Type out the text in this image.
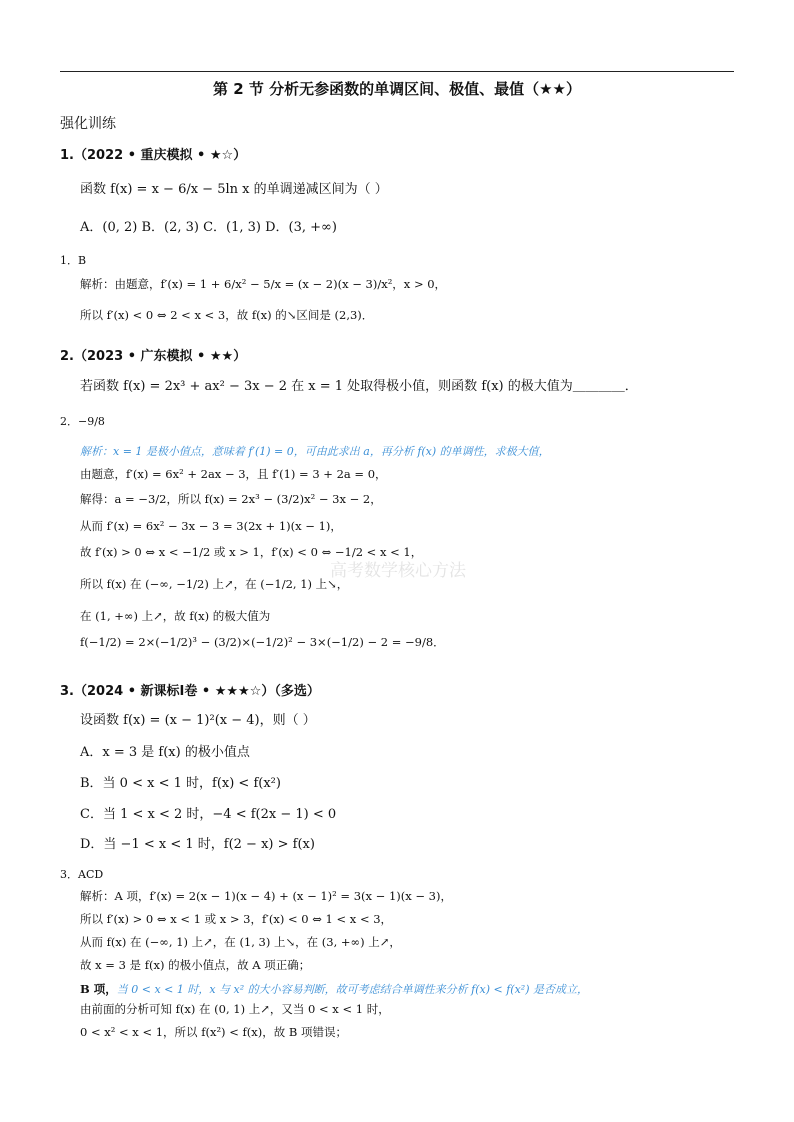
第 2 节 分析无参函数的单调区间、极值、最值（★★）
强化训练
1.（2022 • 重庆模拟 • ★☆）
函数 f(x) = x − 6/x − 5ln x 的单调递减区间为（ ）
A．(0, 2) B．(2, 3) C．(1, 3) D．(3, +∞)
1．B
解析：由题意，f′(x) = 1 + 6/x² − 5/x = (x − 2)(x − 3)/x²，x > 0，
所以 f′(x) < 0 ⇔ 2 < x < 3，故 f(x) 的↘区间是 (2,3)．
2.（2023 • 广东模拟 • ★★）
若函数 f(x) = 2x³ + ax² − 3x − 2 在 x = 1 处取得极小值，则函数 f(x) 的极大值为＿＿＿＿．
2．−9/8
解析：x = 1 是极小值点，意味着 f′(1) = 0，可由此求出 a，再分析 f(x) 的单调性，求极大值，
由题意，f′(x) = 6x² + 2ax − 3，且 f′(1) = 3 + 2a = 0，
解得：a = −3/2，所以 f(x) = 2x³ − (3/2)x² − 3x − 2，
从而 f′(x) = 6x² − 3x − 3 = 3(2x + 1)(x − 1)，
故 f′(x) > 0 ⇔ x < −1/2 或 x > 1，f′(x) < 0 ⇔ −1/2 < x < 1，
所以 f(x) 在 (−∞, −1/2) 上↗，在 (−1/2, 1) 上↘，
高考数学核心方法
在 (1, +∞) 上↗，故 f(x) 的极大值为
f(−1/2) = 2×(−1/2)³ − (3/2)×(−1/2)² − 3×(−1/2) − 2 = −9/8．
3.（2024 • 新课标Ⅰ卷 • ★★★☆）（多选）
设函数 f(x) = (x − 1)²(x − 4)，则（ ）
A．x = 3 是 f(x) 的极小值点
B．当 0 < x < 1 时，f(x) < f(x²)
C．当 1 < x < 2 时，−4 < f(2x − 1) < 0
D．当 −1 < x < 1 时，f(2 − x) > f(x)
3．ACD
解析：A 项，f′(x) = 2(x − 1)(x − 4) + (x − 1)² = 3(x − 1)(x − 3)，
所以 f′(x) > 0 ⇔ x < 1 或 x > 3，f′(x) < 0 ⇔ 1 < x < 3，
从而 f(x) 在 (−∞, 1) 上↗，在 (1, 3) 上↘，在 (3, +∞) 上↗，
故 x = 3 是 f(x) 的极小值点，故 A 项正确；
B 项，当 0 < x < 1 时，x 与 x² 的大小容易判断，故可考虑结合单调性来分析 f(x) < f(x²) 是否成立，
由前面的分析可知 f(x) 在 (0, 1) 上↗，又当 0 < x < 1 时，
0 < x² < x < 1，所以 f(x²) < f(x)，故 B 项错误；
